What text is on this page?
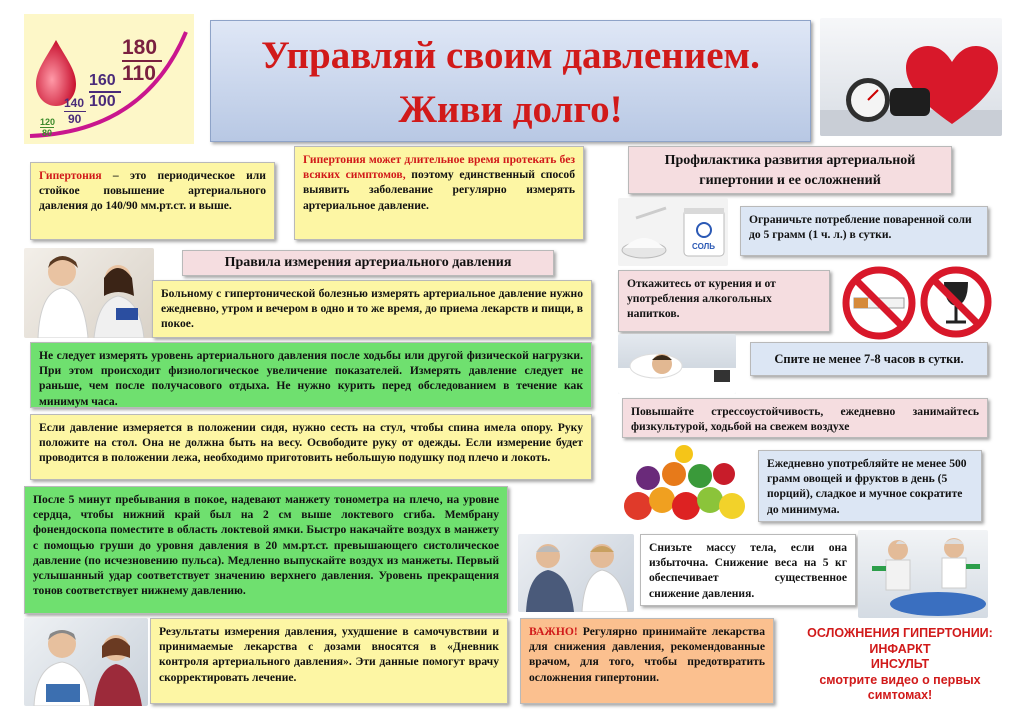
180
110
160
100
140
90
120
80
Управляй своим давлением.
Живи долго!
Гипертония – это периодическое или стойкое повышение артериального давления до 140/90 мм.рт.ст. и выше.
Гипертония может длительное время протекать без всяких симптомов, поэтому единственный способ выявить заболевание регулярно измерять артериальное давление.
Профилактика развития артериальной гипертонии и ее осложнений
Правила измерения артериального давления
Больному с гипертонической болезнью измерять артериальное давление нужно ежедневно, утром и вечером в одно и то же время, до приема лекарств и пищи, в покое.
Не следует измерять уровень артериального давления после ходьбы или другой физической нагрузки. При этом происходит физиологическое увеличение показателей. Измерять давление следует не раньше, чем после получасового отдыха. Не нужно курить перед обследованием в течение как минимум часа.
Если давление измеряется в положении сидя, нужно сесть на стул, чтобы спина имела опору. Руку положите на стол. Она не должна быть на весу. Освободите руку от одежды. Если измерение будет проводится в положении лежа, необходимо приготовить небольшую подушку под плечо и локоть.
После 5 минут пребывания в покое, надевают манжету тонометра на плечо, на уровне сердца, чтобы нижний край был на 2 см выше локтевого сгиба. Мембрану фонендоскопа поместите в область локтевой ямки. Быстро накачайте воздух в манжету с помощью груши до уровня давления в 20 мм.рт.ст. превышающего систолическое давление (по исчезновению пульса). Медленно выпускайте воздух из манжеты. Первый услышанный удар соответствует значению верхнего давления. Уровень прекращения тонов соответствует нижнему давлению.
Результаты измерения давления, ухудшение в самочувствии и принимаемые лекарства с дозами вносятся в «Дневник контроля артериального давления». Эти данные помогут врачу скорректировать лечение.
СОЛЬ
Ограничьте потребление поваренной соли до 5 грамм (1 ч. л.) в сутки.
Откажитесь от курения и от употребления алкогольных напитков.
Спите не менее 7-8 часов в сутки.
Повышайте стрессоустойчивость, ежедневно занимайтесь физкультурой, ходьбой на свежем воздухе
Ежедневно употребляйте не менее 500 грамм овощей и фруктов в день (5 порций), сладкое и мучное сократите до минимума.
Снизьте массу тела, если она избыточна. Снижение веса на 5 кг обеспечивает существенное снижение давления.
ВАЖНО! Регулярно принимайте лекарства для снижения давления, рекомендованные врачом, для того, чтобы предотвратить осложнения гипертонии.
ОСЛОЖНЕНИЯ ГИПЕРТОНИИ:
ИНФАРКТ
ИНСУЛЬТ
смотрите видео о первых
симтомах!
